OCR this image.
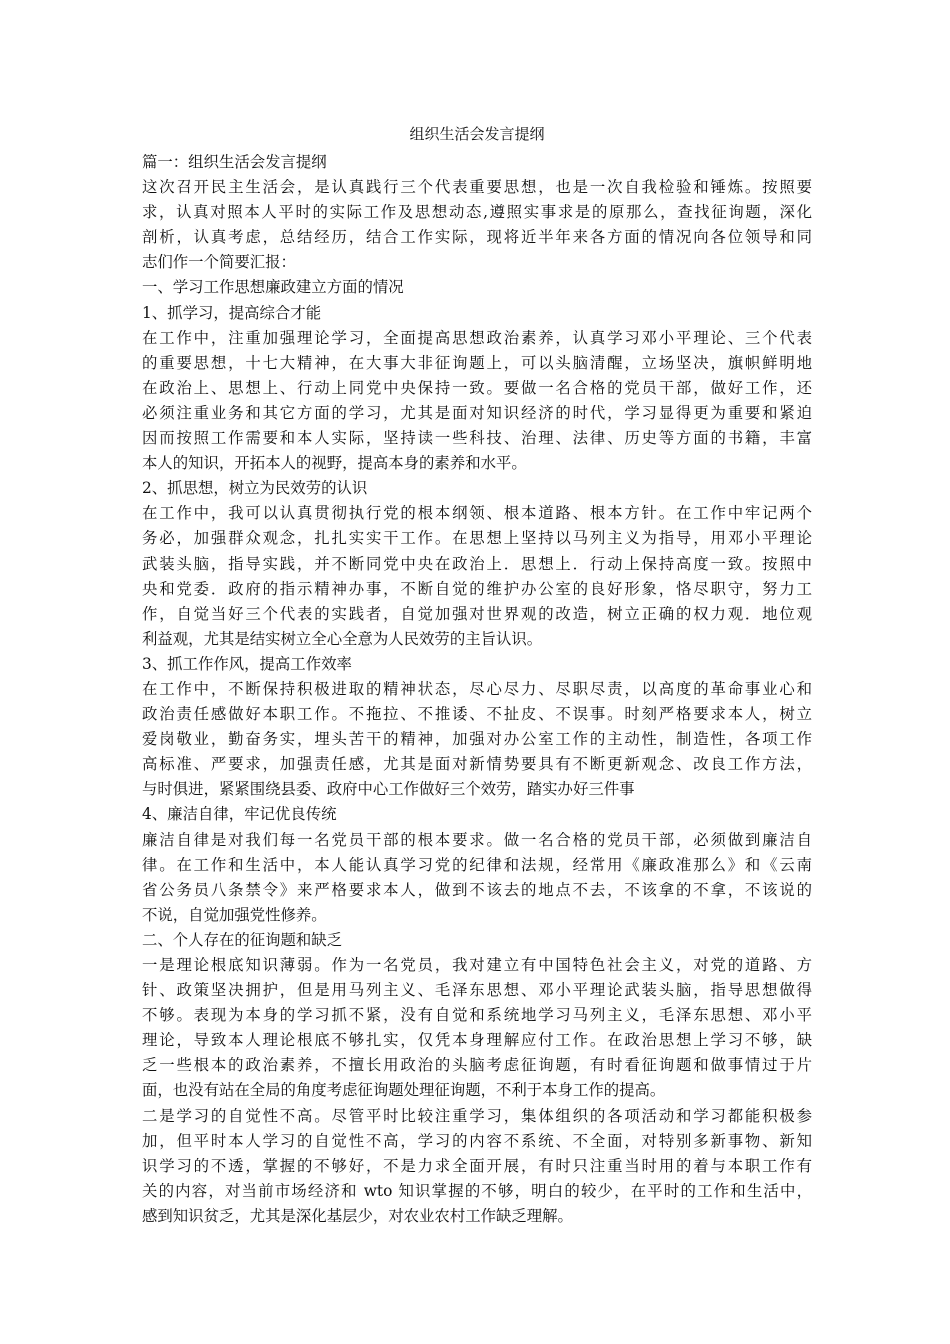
组织生活会发言提纲

篇一：组织生活会发言提纲

这次召开民主生活会，是认真践行三个代表重要思想，也是一次自我检验和锤炼。按照要

求，认真对照本人平时的实际工作及思想动态,遵照实事求是的原那么，查找征询题，深化

剖析，认真考虑，总结经历，结合工作实际，现将近半年来各方面的情况向各位领导和同

志们作一个简要汇报：

一、学习工作思想廉政建立方面的情况

1、抓学习，提高综合才能

在工作中，注重加强理论学习，全面提高思想政治素养，认真学习邓小平理论、三个代表

的重要思想，十七大精神，在大事大非征询题上，可以头脑清醒，立场坚决，旗帜鲜明地

在政治上、思想上、行动上同党中央保持一致。要做一名合格的党员干部，做好工作，还

必须注重业务和其它方面的学习，尤其是面对知识经济的时代，学习显得更为重要和紧迫

因而按照工作需要和本人实际，坚持读一些科技、治理、法律、历史等方面的书籍，丰富

本人的知识，开拓本人的视野，提高本身的素养和水平。

2、抓思想，树立为民效劳的认识

在工作中，我可以认真贯彻执行党的根本纲领、根本道路、根本方针。在工作中牢记两个

务必，加强群众观念，扎扎实实干工作。在思想上坚持以马列主义为指导，用邓小平理论

武装头脑，指导实践，并不断同党中央在政治上．思想上．行动上保持高度一致。按照中

央和党委．政府的指示精神办事，不断自觉的维护办公室的良好形象，恪尽职守，努力工

作，自觉当好三个代表的实践者，自觉加强对世界观的改造，树立正确的权力观．地位观

利益观，尤其是结实树立全心全意为人民效劳的主旨认识。

3、抓工作作风，提高工作效率

在工作中，不断保持积极进取的精神状态，尽心尽力、尽职尽责，以高度的革命事业心和

政治责任感做好本职工作。不拖拉、不推诿、不扯皮、不误事。时刻严格要求本人，树立

爱岗敬业，勤奋务实，埋头苦干的精神，加强对办公室工作的主动性，制造性，各项工作

高标准、严要求，加强责任感，尤其是面对新情势要具有不断更新观念、改良工作方法，

与时俱进，紧紧围绕县委、政府中心工作做好三个效劳，踏实办好三件事

4、廉洁自律，牢记优良传统

廉洁自律是对我们每一名党员干部的根本要求。做一名合格的党员干部，必须做到廉洁自

律。在工作和生活中，本人能认真学习党的纪律和法规，经常用《廉政准那么》和《云南

省公务员八条禁令》来严格要求本人，做到不该去的地点不去，不该拿的不拿，不该说的

不说，自觉加强党性修养。

二、个人存在的征询题和缺乏

一是理论根底知识薄弱。作为一名党员，我对建立有中国特色社会主义，对党的道路、方

针、政策坚决拥护，但是用马列主义、毛泽东思想、邓小平理论武装头脑，指导思想做得

不够。表现为本身的学习抓不紧，没有自觉和系统地学习马列主义，毛泽东思想、邓小平

理论，导致本人理论根底不够扎实，仅凭本身理解应付工作。在政治思想上学习不够，缺

乏一些根本的政治素养，不擅长用政治的头脑考虑征询题，有时看征询题和做事情过于片

面，也没有站在全局的角度考虑征询题处理征询题，不利于本身工作的提高。

二是学习的自觉性不高。尽管平时比较注重学习，集体组织的各项活动和学习都能积极参

加，但平时本人学习的自觉性不高，学习的内容不系统、不全面，对特别多新事物、新知

识学习的不透，掌握的不够好，不是力求全面开展，有时只注重当时用的着与本职工作有

关的内容，对当前市场经济和 wto 知识掌握的不够，明白的较少，在平时的工作和生活中，

感到知识贫乏，尤其是深化基层少，对农业农村工作缺乏理解。
